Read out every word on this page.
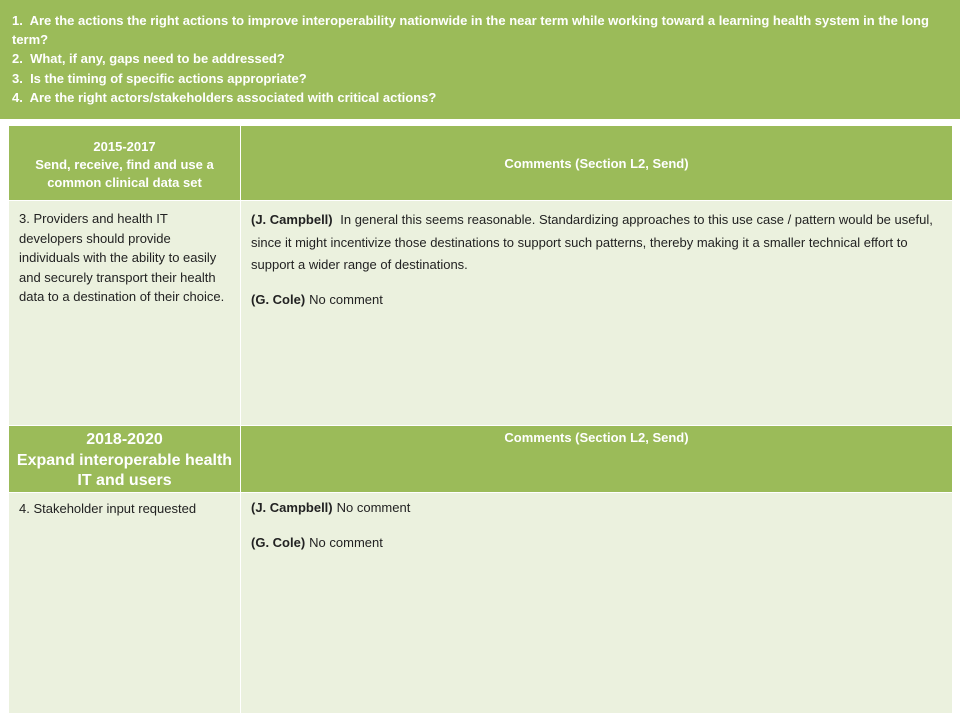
1.  Are the actions the right actions to improve interoperability nationwide in the near term while working toward a learning health system in the long term?
2.  What, if any, gaps need to be addressed?
3.  Is the timing of specific actions appropriate?
4.  Are the right actors/stakeholders associated with critical actions?
2015-2017
Send, receive, find and use a common clinical data set	Comments (Section L2, Send)

3. Providers and health IT developers should provide individuals with the ability to easily and securely transport their health data to a destination of their choice.	(J. Campbell) In general this seems reasonable. Standardizing approaches to this use case / pattern would be useful, since it might incentivize those destinations to support such patterns, thereby making it a smaller technical effort to support a wider range of destinations.
(G. Cole) No comment

2018-2020
Expand interoperable health IT and users	Comments (Section L2, Send)

4. Stakeholder input requested	(J. Campbell) No comment
(G. Cole) No comment
